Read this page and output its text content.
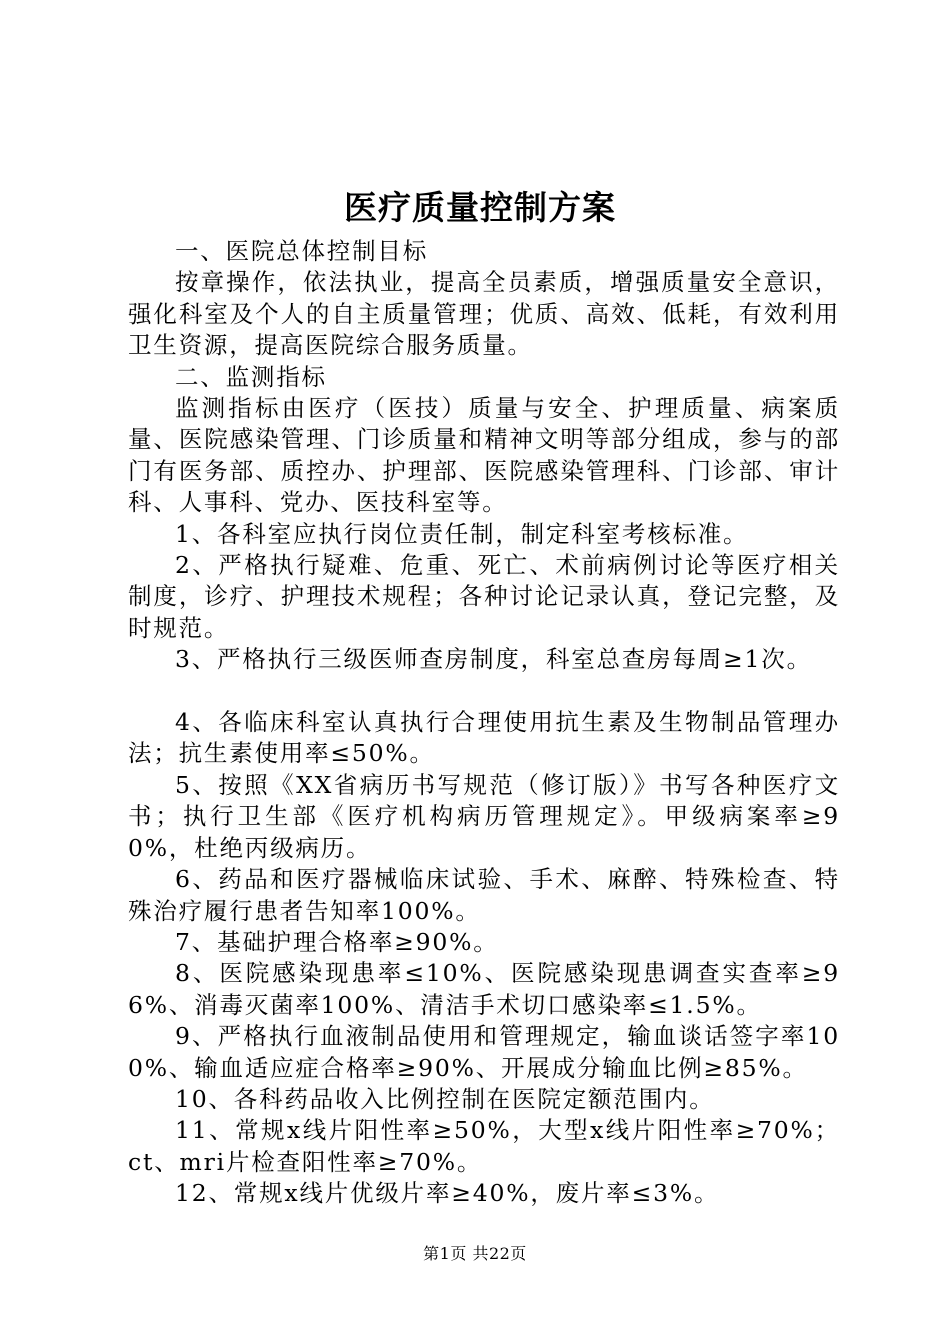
医疗质量控制方案

一、医院总体控制目标

按章操作，依法执业，提高全员素质，增强质量安全意识，强化科室及个人的自主质量管理；优质、高效、低耗，有效利用卫生资源，提高医院综合服务质量。

二、监测指标

监测指标由医疗（医技）质量与安全、护理质量、病案质量、医院感染管理、门诊质量和精神文明等部分组成，参与的部门有医务部、质控办、护理部、医院感染管理科、门诊部、审计科、人事科、党办、医技科室等。

1、各科室应执行岗位责任制，制定科室考核标准。

2、严格执行疑难、危重、死亡、术前病例讨论等医疗相关制度，诊疗、护理技术规程；各种讨论记录认真，登记完整，及时规范。

3、严格执行三级医师查房制度，科室总查房每周≥1次。

4、各临床科室认真执行合理使用抗生素及生物制品管理办法；抗生素使用率≤50%。

5、按照《XX省病历书写规范（修订版）》书写各种医疗文书；执行卫生部《医疗机构病历管理规定》。甲级病案率≥90%，杜绝丙级病历。

6、药品和医疗器械临床试验、手术、麻醉、特殊检查、特殊治疗履行患者告知率100%。

7、基础护理合格率≥90%。

8、医院感染现患率≤10%、医院感染现患调查实查率≥96%、消毒灭菌率100%、清洁手术切口感染率≤1.5%。

9、严格执行血液制品使用和管理规定，输血谈话签字率100%、输血适应症合格率≥90%、开展成分输血比例≥85%。

10、各科药品收入比例控制在医院定额范围内。

11、常规x线片阳性率≥50%，大型x线片阳性率≥70%；ct、mri片检查阳性率≥70%。

12、常规x线片优级片率≥40%，废片率≤3%。

第1页 共22页
